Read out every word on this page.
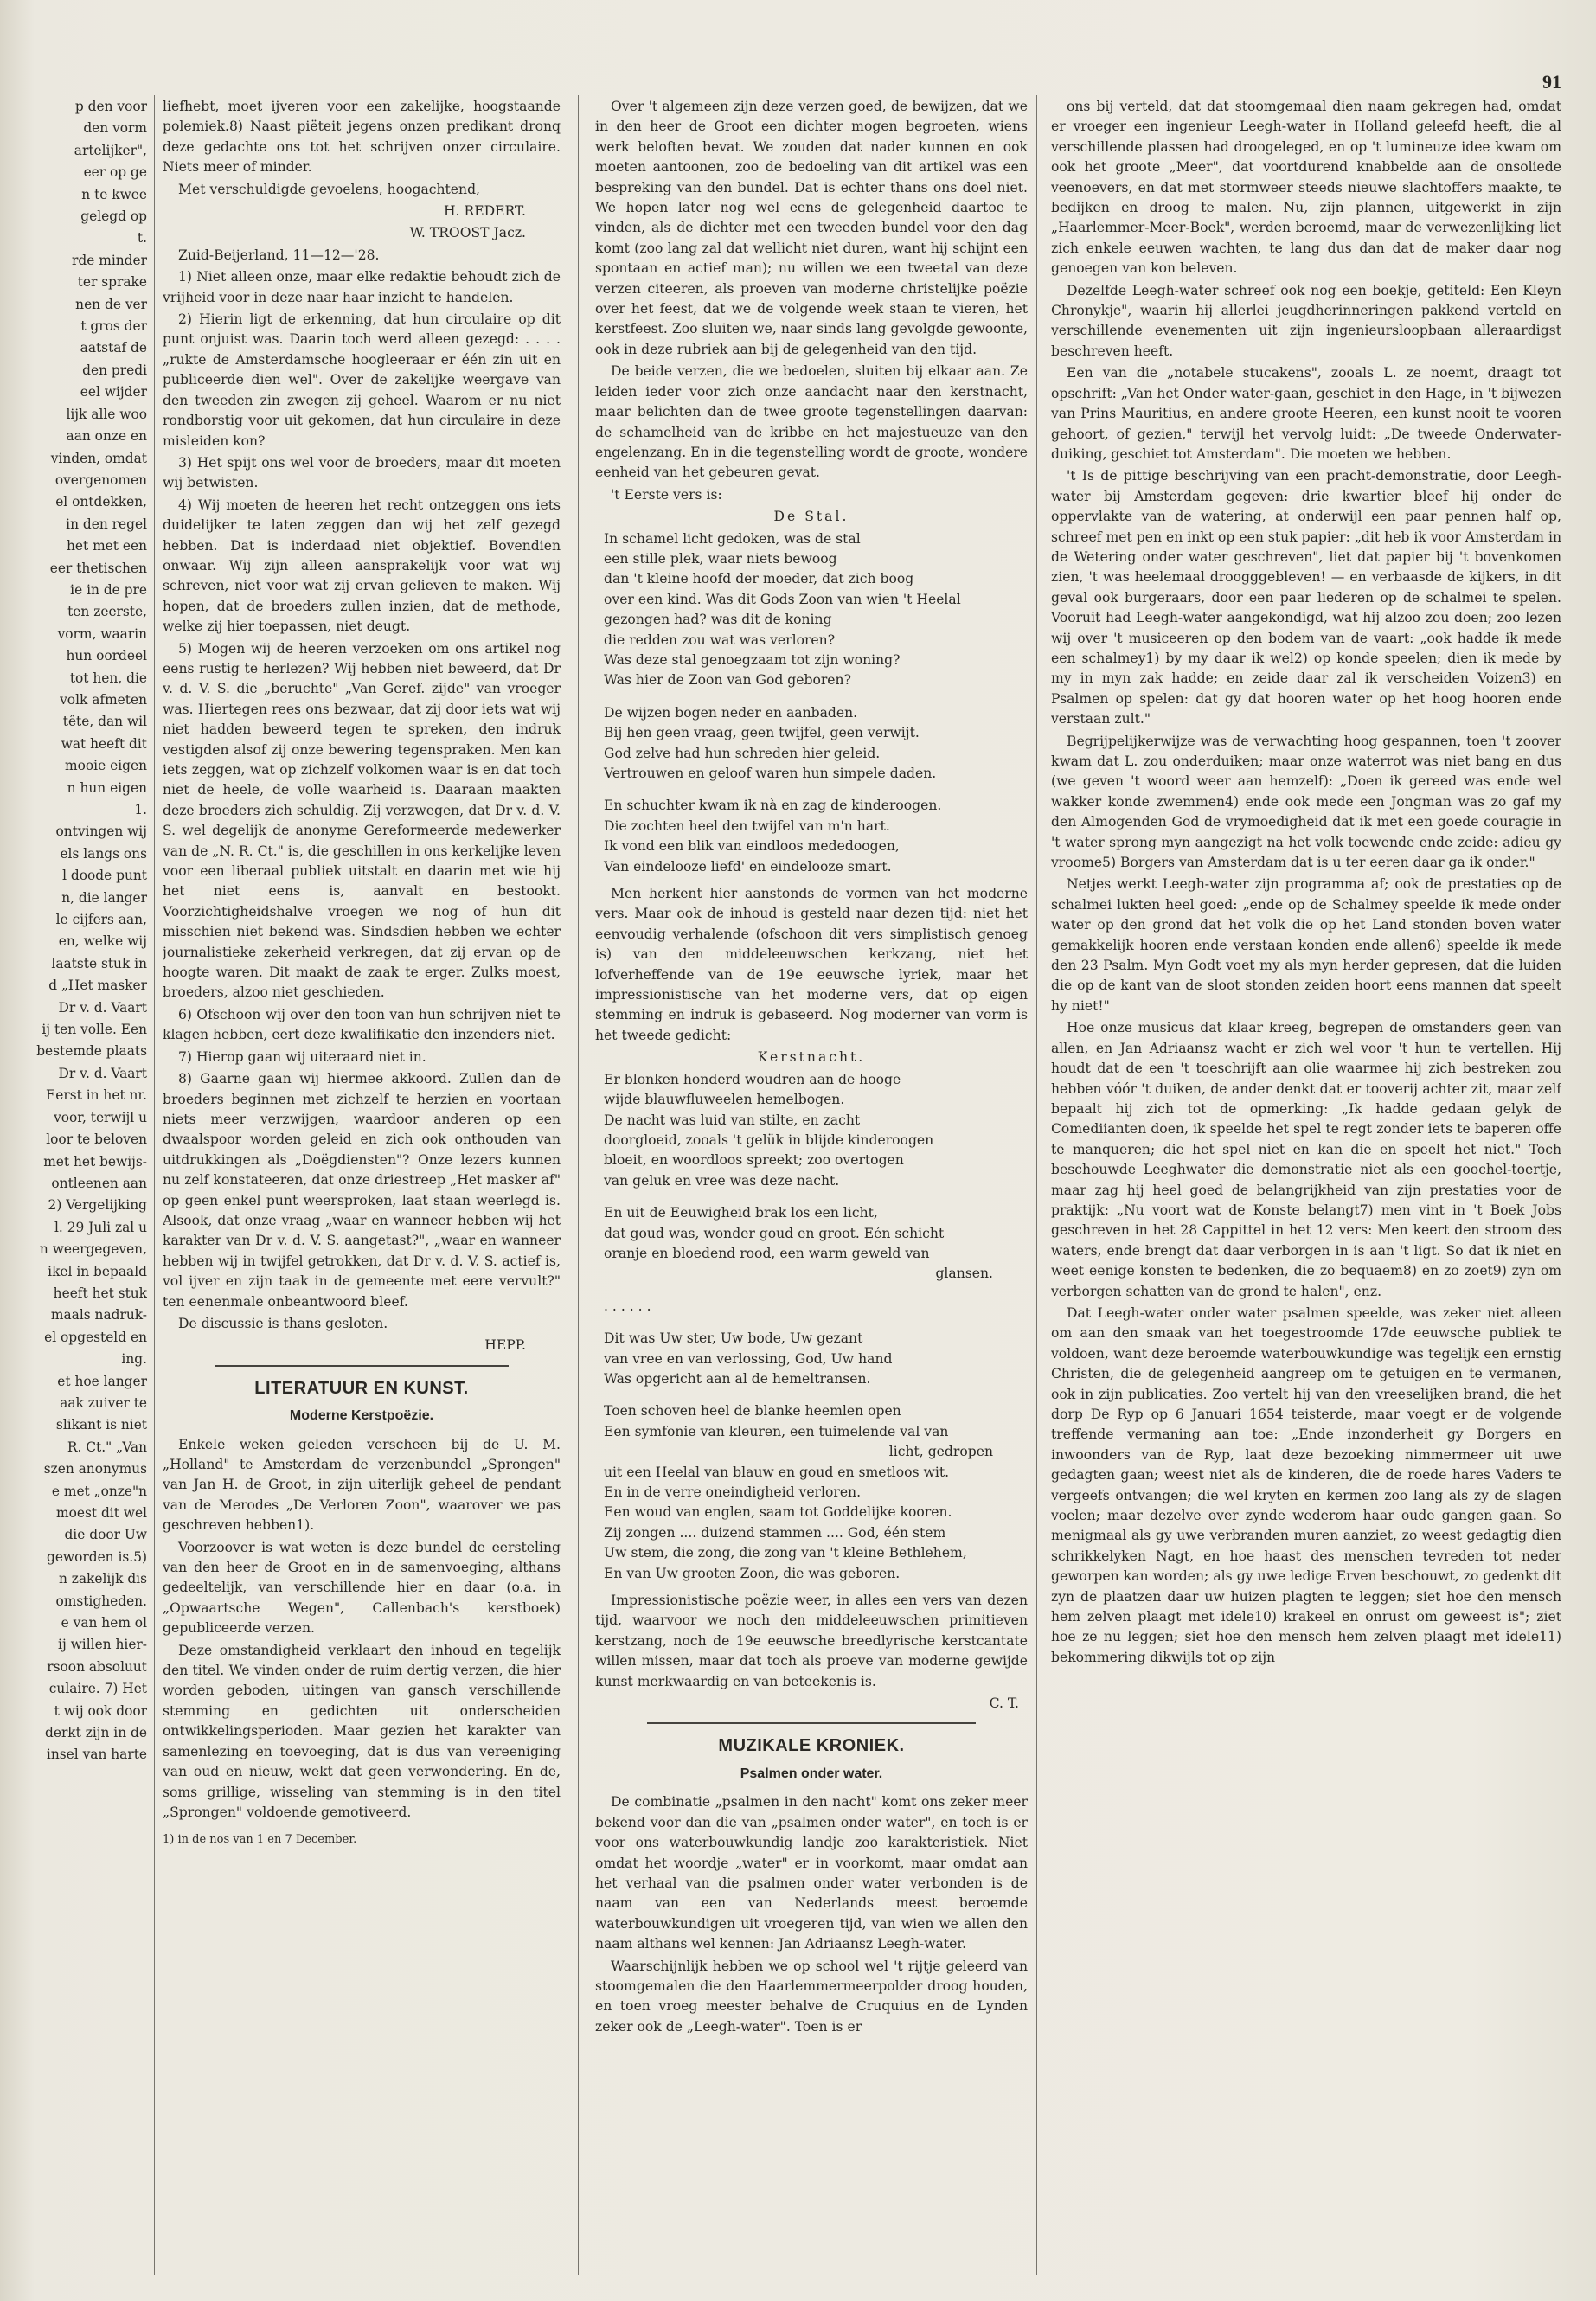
91

p den voor

den vorm

artelijker",

eer op ge

n te kwee

gelegd op

t.

rde minder

ter sprake

nen de ver

t gros der

aatstaf de

den predi

eel wijder

lijk alle woo

aan onze en

vinden, omdat

overgenomen

el ontdekken,

in den regel

het met een

eer thetischen

ie in de pre

ten zeerste,

vorm, waarin

hun oordeel

tot hen, die

volk afmeten

tête, dan wil

wat heeft dit

mooie eigen

n hun eigen

1.

ontvingen wij

els langs ons

l doode punt

n, die langer

le cijfers aan,

en, welke wij

laatste stuk in

d „Het masker

Dr v. d. Vaart

ij ten volle. Een

bestemde plaats

Dr v. d. Vaart

Eerst in het nr.

voor, terwijl u

loor te beloven

met het bewijs-

ontleenen aan

2) Vergelijking

l. 29 Juli zal u

n weergegeven,

ikel in bepaald

heeft het stuk

maals nadruk-

el opgesteld en

ing.

et hoe langer

aak zuiver te

slikant is niet

R. Ct." „Van

szen anonymus

e met „onze"n

moest dit wel

die door Uw

geworden is.5)

n zakelijk dis

omstigheden.

e van hem ol

ij willen hier-

rsoon absoluut

culaire. 7) Het

t wij ook door

derkt zijn in de

insel van harte

liefhebt, moet ijveren voor een zakelijke, hoogstaande polemiek.8) Naast piëteit jegens onzen predikant dronq deze gedachte ons tot het schrijven onzer circulaire. Niets meer of minder.

Met verschuldigde gevoelens, hoogachtend,

H. REDERT.

W. TROOST Jacz.

Zuid-Beijerland, 11—12—'28.

1) Niet alleen onze, maar elke redaktie behoudt zich de vrijheid voor in deze naar haar inzicht te handelen.

2) Hierin ligt de erkenning, dat hun circulaire op dit punt onjuist was. Daarin toch werd alleen gezegd: . . . . „rukte de Amsterdamsche hoogleeraar er één zin uit en publiceerde dien wel". Over de zakelijke weergave van den tweeden zin zwegen zij geheel. Waarom er nu niet rondborstig voor uit gekomen, dat hun circulaire in deze misleiden kon?

3) Het spijt ons wel voor de broeders, maar dit moeten wij betwisten.

4) Wij moeten de heeren het recht ontzeggen ons iets duidelijker te laten zeggen dan wij het zelf gezegd hebben. Dat is inderdaad niet objektief. Bovendien onwaar. Wij zijn alleen aansprakelijk voor wat wij schreven, niet voor wat zij ervan gelieven te maken. Wij hopen, dat de broeders zullen inzien, dat de methode, welke zij hier toepassen, niet deugt.

5) Mogen wij de heeren verzoeken om ons artikel nog eens rustig te herlezen? Wij hebben niet beweerd, dat Dr v. d. V. S. die „beruchte" „Van Geref. zijde" van vroeger was. Hiertegen rees ons bezwaar, dat zij door iets wat wij niet hadden beweerd tegen te spreken, den indruk vestigden alsof zij onze bewering tegenspraken. Men kan iets zeggen, wat op zichzelf volkomen waar is en dat toch niet de heele, de volle waarheid is. Daaraan maakten deze broeders zich schuldig. Zij verzwegen, dat Dr v. d. V. S. wel degelijk de anonyme Gereformeerde medewerker van de „N. R. Ct." is, die geschillen in ons kerkelijke leven voor een liberaal publiek uitstalt en daarin met wie hij het niet eens is, aanvalt en bestookt. Voorzichtigheidshalve vroegen we nog of hun dit misschien niet bekend was. Sindsdien hebben we echter journalistieke zekerheid verkregen, dat zij ervan op de hoogte waren. Dit maakt de zaak te erger. Zulks moest, broeders, alzoo niet geschieden.

6) Ofschoon wij over den toon van hun schrijven niet te klagen hebben, eert deze kwalifikatie den inzenders niet.

7) Hierop gaan wij uiteraard niet in.

8) Gaarne gaan wij hiermee akkoord. Zullen dan de broeders beginnen met zichzelf te herzien en voortaan niets meer verzwijgen, waardoor anderen op een dwaalspoor worden geleid en zich ook onthouden van uitdrukkingen als „Doëgdiensten"? Onze lezers kunnen nu zelf konstateeren, dat onze driestreep „Het masker af" op geen enkel punt weersproken, laat staan weerlegd is. Alsook, dat onze vraag „waar en wanneer hebben wij het karakter van Dr v. d. V. S. aangetast?", „waar en wanneer hebben wij in twijfel getrokken, dat Dr v. d. V. S. actief is, vol ijver en zijn taak in de gemeente met eere vervult?" ten eenenmale onbeantwoord bleef.

De discussie is thans gesloten.

HEPP.

LITERATUUR EN KUNST.
Moderne Kerstpoëzie.

Enkele weken geleden verscheen bij de U. M. „Holland" te Amsterdam de verzenbundel „Sprongen" van Jan H. de Groot, in zijn uiterlijk geheel de pendant van de Merodes „De Verloren Zoon", waarover we pas geschreven hebben1).

Voorzoover is wat weten is deze bundel de eersteling van den heer de Groot en in de samenvoeging, althans gedeeltelijk, van verschillende hier en daar (o.a. in „Opwaartsche Wegen", Callenbach's kerstboek) gepubliceerde verzen.

Deze omstandigheid verklaart den inhoud en tegelijk den titel. We vinden onder de ruim dertig verzen, die hier worden geboden, uitingen van gansch verschillende stemming en gedichten uit onderscheiden ontwikkelingsperioden. Maar gezien het karakter van samenlezing en toevoeging, dat is dus van vereeniging van oud en nieuw, wekt dat geen verwondering. En de, soms grillige, wisseling van stemming is in den titel „Sprongen" voldoende gemotiveerd.

1) in de nos van 1 en 7 December.

Over 't algemeen zijn deze verzen goed, de bewijzen, dat we in den heer de Groot een dichter mogen begroeten, wiens werk beloften bevat. We zouden dat nader kunnen en ook moeten aantoonen, zoo de bedoeling van dit artikel was een bespreking van den bundel. Dat is echter thans ons doel niet. We hopen later nog wel eens de gelegenheid daartoe te vinden, als de dichter met een tweeden bundel voor den dag komt (zoo lang zal dat wellicht niet duren, want hij schijnt een spontaan en actief man); nu willen we een tweetal van deze verzen citeeren, als proeven van moderne christelijke poëzie over het feest, dat we de volgende week staan te vieren, het kerstfeest. Zoo sluiten we, naar sinds lang gevolgde gewoonte, ook in deze rubriek aan bij de gelegenheid van den tijd.

De beide verzen, die we bedoelen, sluiten bij elkaar aan. Ze leiden ieder voor zich onze aandacht naar den kerstnacht, maar belichten dan de twee groote tegenstellingen daarvan: de schamelheid van de kribbe en het majestueuze van den engelenzang. En in die tegenstelling wordt de groote, wondere eenheid van het gebeuren gevat.

't Eerste vers is:

De Stal.

In schamel licht gedoken, was de stal

een stille plek, waar niets bewoog

dan 't kleine hoofd der moeder, dat zich boog

over een kind. Was dit Gods Zoon van wien 't Heelal

gezongen had? was dit de koning

die redden zou wat was verloren?

Was deze stal genoegzaam tot zijn woning?

Was hier de Zoon van God geboren?

De wijzen bogen neder en aanbaden.

Bij hen geen vraag, geen twijfel, geen verwijt.

God zelve had hun schreden hier geleid.

Vertrouwen en geloof waren hun simpele daden.

En schuchter kwam ik nà en zag de kinderoogen.

Die zochten heel den twijfel van m'n hart.

Ik vond een blik van eindloos mededoogen,

Van eindelooze liefd' en eindelooze smart.

Men herkent hier aanstonds de vormen van het moderne vers. Maar ook de inhoud is gesteld naar dezen tijd: niet het eenvoudig verhalende (ofschoon dit vers simplistisch genoeg is) van den middeleeuwschen kerkzang, niet het lofverheffende van de 19e eeuwsche lyriek, maar het impressionistische van het moderne vers, dat op eigen stemming en indruk is gebaseerd. Nog moderner van vorm is het tweede gedicht:

Kerstnacht.

Er blonken honderd woudren aan de hooge

wijde blauwfluweelen hemelbogen.

De nacht was luid van stilte, en zacht

doorgloeid, zooals 't gelük in blijde kinderoogen

bloeit, en woordloos spreekt; zoo overtogen

van geluk en vree was deze nacht.

En uit de Eeuwigheid brak los een licht,

dat goud was, wonder goud en groot. Eén schicht

oranje en bloedend rood, een warm geweld van

glansen.

. . . . . .

Dit was Uw ster, Uw bode, Uw gezant

van vree en van verlossing, God, Uw hand

Was opgericht aan al de hemeltransen.

Toen schoven heel de blanke heemlen open

Een symfonie van kleuren, een tuimelende val van

licht, gedropen

uit een Heelal van blauw en goud en smetloos wit.

En in de verre oneindigheid verloren.

Een woud van englen, saam tot Goddelijke kooren.

Zij zongen .... duizend stammen .... God, één stem

Uw stem, die zong, die zong van 't kleine Bethlehem,

En van Uw grooten Zoon, die was geboren.

Impressionistische poëzie weer, in alles een vers van dezen tijd, waarvoor we noch den middeleeuwschen primitieven kerstzang, noch de 19e eeuwsche breedlyrische kerstcantate willen missen, maar dat toch als proeve van moderne gewijde kunst merkwaardig en van beteekenis is.

C. T.

MUZIKALE KRONIEK.
Psalmen onder water.

De combinatie „psalmen in den nacht" komt ons zeker meer bekend voor dan die van „psalmen onder water", en toch is er voor ons waterbouwkundig landje zoo karakteristiek. Niet omdat het woordje „water" er in voorkomt, maar omdat aan het verhaal van die psalmen onder water verbonden is de naam van een van Nederlands meest beroemde waterbouwkundigen uit vroegeren tijd, van wien we allen den naam althans wel kennen: Jan Adriaansz Leegh-water.

Waarschijnlijk hebben we op school wel 't rijtje geleerd van stoomgemalen die den Haarlemmermeerpolder droog houden, en toen vroeg meester behalve de Cruquius en de Lynden zeker ook de „Leegh-water". Toen is er

ons bij verteld, dat dat stoomgemaal dien naam gekregen had, omdat er vroeger een ingenieur Leegh-water in Holland geleefd heeft, die al verschillende plassen had droogeleged, en op 't lumineuze idee kwam om ook het groote „Meer", dat voortdurend knabbelde aan de onsoliede veenoevers, en dat met stormweer steeds nieuwe slachtoffers maakte, te bedijken en droog te malen. Nu, zijn plannen, uitgewerkt in zijn „Haarlemmer-Meer-Boek", werden beroemd, maar de verwezenlijking liet zich enkele eeuwen wachten, te lang dus dan dat de maker daar nog genoegen van kon beleven.

Dezelfde Leegh-water schreef ook nog een boekje, getiteld: Een Kleyn Chronykje", waarin hij allerlei jeugdherinneringen pakkend verteld en verschillende evenementen uit zijn ingenieursloopbaan alleraardigst beschreven heeft.

Een van die „notabele stucakens", zooals L. ze noemt, draagt tot opschrift: „Van het Onder water-gaan, geschiet in den Hage, in 't bijwezen van Prins Mauritius, en andere groote Heeren, een kunst nooit te vooren gehoort, of gezien," terwijl het vervolg luidt: „De tweede Onderwater-duiking, geschiet tot Amsterdam". Die moeten we hebben.

't Is de pittige beschrijving van een pracht-demonstratie, door Leegh-water bij Amsterdam gegeven: drie kwartier bleef hij onder de oppervlakte van de watering, at onderwijl een paar pennen half op, schreef met pen en inkt op een stuk papier: „dit heb ik voor Amsterdam in de Wetering onder water geschreven", liet dat papier bij 't bovenkomen zien, 't was heelemaal droogggebleven! — en verbaasde de kijkers, in dit geval ook burgeraars, door een paar liederen op de schalmei te spelen. Vooruit had Leegh-water aangekondigd, wat hij alzoo zou doen; zoo lezen wij over 't musiceeren op den bodem van de vaart: „ook hadde ik mede een schalmey1) by my daar ik wel2) op konde speelen; dien ik mede by my in myn zak hadde; en zeide daar zal ik verscheiden Voizen3) en Psalmen op spelen: dat gy dat hooren water op het hoog hooren ende verstaan zult."

Begrijpelijkerwijze was de verwachting hoog gespannen, toen 't zoover kwam dat L. zou onderduiken; maar onze waterrot was niet bang en dus (we geven 't woord weer aan hemzelf): „Doen ik gereed was ende wel wakker konde zwemmen4) ende ook mede een Jongman was zo gaf my den Almogenden God de vrymoedigheid dat ik met een goede couragie in 't water sprong myn aangezigt na het volk toewende ende zeide: adieu gy vroome5) Borgers van Amsterdam dat is u ter eeren daar ga ik onder."

Netjes werkt Leegh-water zijn programma af; ook de prestaties op de schalmei lukten heel goed: „ende op de Schalmey speelde ik mede onder water op den grond dat het volk die op het Land stonden boven water gemakkelijk hooren ende verstaan konden ende allen6) speelde ik mede den 23 Psalm. Myn Godt voet my als myn herder gepresen, dat die luiden die op de kant van de sloot stonden zeiden hoort eens mannen dat speelt hy niet!"

Hoe onze musicus dat klaar kreeg, begrepen de omstanders geen van allen, en Jan Adriaansz wacht er zich wel voor 't hun te vertellen. Hij houdt dat de een 't toeschrijft aan olie waarmee hij zich bestreken zou hebben vóór 't duiken, de ander denkt dat er tooverij achter zit, maar zelf bepaalt hij zich tot de opmerking: „Ik hadde gedaan gelyk de Comediianten doen, ik speelde het spel te regt zonder iets te baperen offe te manqueren; die het spel niet en kan die en speelt het niet." Toch beschouwde Leeghwater die demonstratie niet als een goochel-toertje, maar zag hij heel goed de belangrijkheid van zijn prestaties voor de praktijk: „Nu voort wat de Konste belangt7) men vint in 't Boek Jobs geschreven in het 28 Cappittel in het 12 vers: Men keert den stroom des waters, ende brengt dat daar verborgen in is aan 't ligt. So dat ik niet en weet eenige konsten te bedenken, die zo bequaem8) en zo zoet9) zyn om verborgen schatten van de grond te halen", enz.

Dat Leegh-water onder water psalmen speelde, was zeker niet alleen om aan den smaak van het toegestroomde 17de eeuwsche publiek te voldoen, want deze beroemde waterbouwkundige was tegelijk een ernstig Christen, die de gelegenheid aangreep om te getuigen en te vermanen, ook in zijn publicaties. Zoo vertelt hij van den vreeselijken brand, die het dorp De Ryp op 6 Januari 1654 teisterde, maar voegt er de volgende treffende vermaning aan toe: „Ende inzonderheit gy Borgers en inwoonders van de Ryp, laat deze bezoeking nimmermeer uit uwe gedagten gaan; weest niet als de kinderen, die de roede hares Vaders te vergeefs ontvangen; die wel kryten en kermen zoo lang als zy de slagen voelen; maar dezelve over zynde wederom haar oude gangen gaan. So menigmaal als gy uwe verbranden muren aanziet, zo weest gedagtig dien schrikkelyken Nagt, en hoe haast des menschen tevreden tot neder geworpen kan worden; als gy uwe ledige Erven beschouwt, zo gedenkt dit zyn de plaatzen daar uw huizen plagten te leggen; siet hoe den mensch hem zelven plaagt met idele10) krakeel en onrust om geweest is"; ziet hoe ze nu leggen; siet hoe den mensch hem zelven plaagt met idele11) bekommering dikwijls tot op zijn
